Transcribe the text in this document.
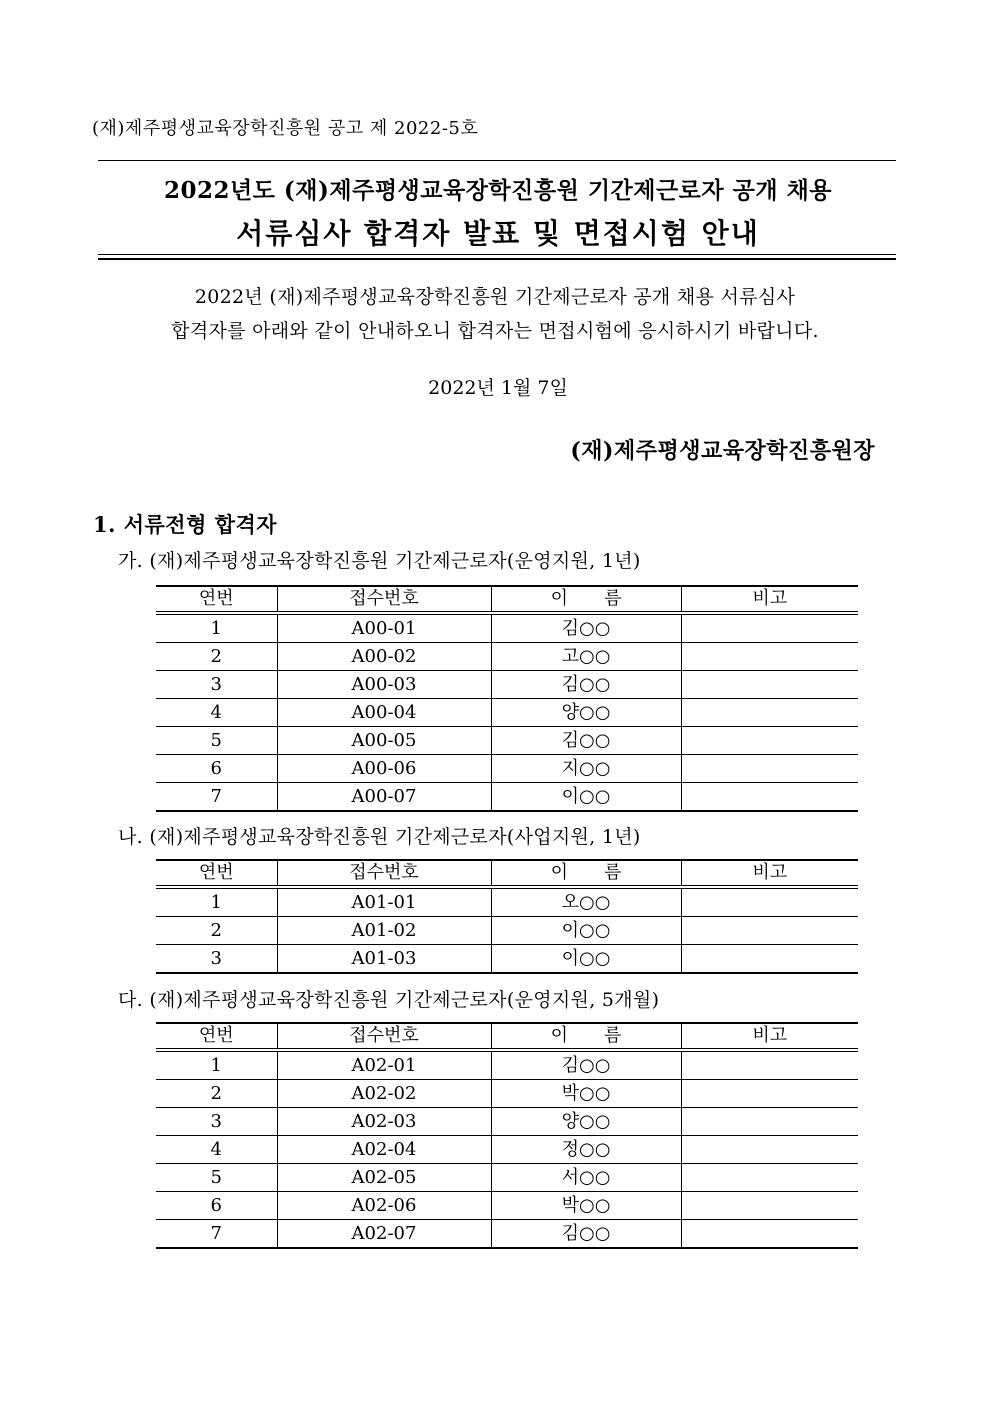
(재)제주평생교육장학진흥원 공고 제 2022-5호
2022년도 (재)제주평생교육장학진흥원 기간제근로자 공개 채용
서류심사 합격자 발표 및 면접시험 안내
2022년 (재)제주평생교육장학진흥원 기간제근로자 공개 채용 서류심사
합격자를 아래와 같이 안내하오니 합격자는 면접시험에 응시하시기 바랍니다.
2022년 1월 7일
(재)제주평생교육장학진흥원장
1. 서류전형 합격자
가. (재)제주평생교육장학진흥원 기간제근로자(운영지원, 1년)
연번	접수번호	이　　름	비고
1	A00-01	김○○	
2	A00-02	고○○	
3	A00-03	김○○	
4	A00-04	양○○	
5	A00-05	김○○	
6	A00-06	지○○	
7	A00-07	이○○	
나. (재)제주평생교육장학진흥원 기간제근로자(사업지원, 1년)
연번	접수번호	이　　름	비고
1	A01-01	오○○	
2	A01-02	이○○	
3	A01-03	이○○	
다. (재)제주평생교육장학진흥원 기간제근로자(운영지원, 5개월)
연번	접수번호	이　　름	비고
1	A02-01	김○○	
2	A02-02	박○○	
3	A02-03	양○○	
4	A02-04	정○○	
5	A02-05	서○○	
6	A02-06	박○○	
7	A02-07	김○○	
